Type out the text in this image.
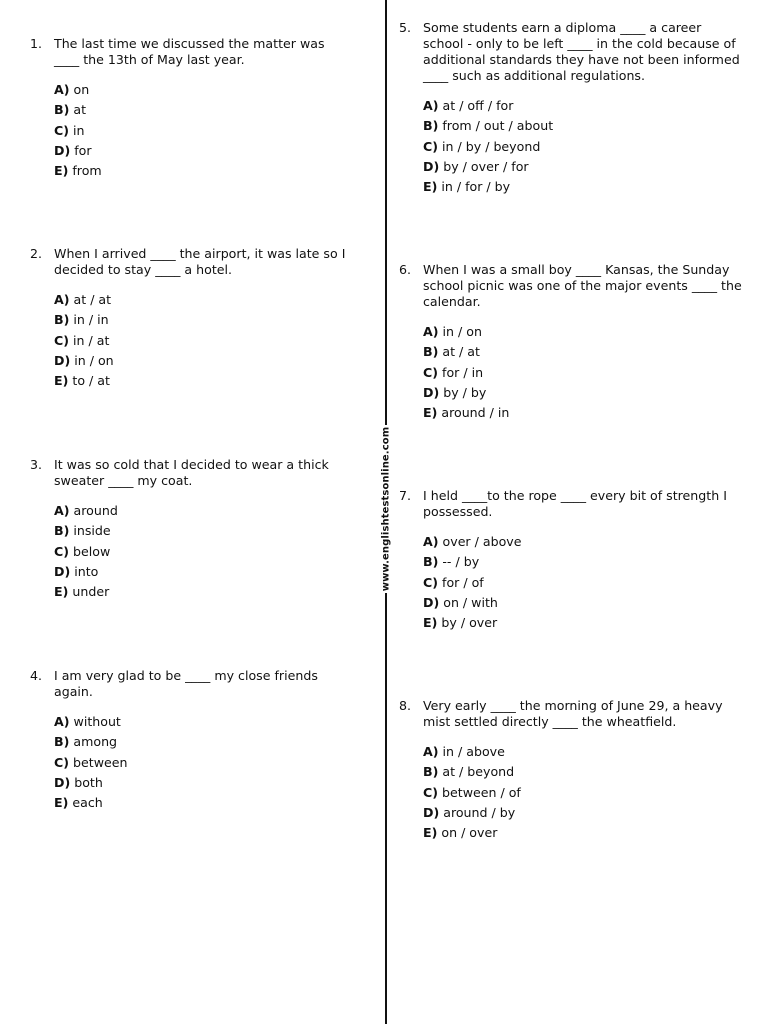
www.englishtestsonline.com
1. The last time we discussed the matter was ____ the 13th of May last year.

A) on
B) at
C) in
D) for
E) from
2. When I arrived ____ the airport, it was late so I decided to stay ____ a hotel.

A) at / at
B) in / in
C) in / at
D) in / on
E) to / at
3. It was so cold that I decided to wear a thick sweater ____ my coat.

A) around
B) inside
C) below
D) into
E) under
4. I am very glad to be ____ my close friends again.

A) without
B) among
C) between
D) both
E) each
5. Some students earn a diploma ____ a career school - only to be left ____ in the cold because of additional standards they have not been informed ____ such as additional regulations.

A) at / off / for
B) from / out / about
C) in / by / beyond
D) by / over / for
E) in / for / by
6. When I was a small boy ____ Kansas, the Sunday school picnic was one of the major events ____ the calendar.

A) in / on
B) at / at
C) for / in
D) by / by
E) around / in
7. I held ____to the rope ____ every bit of strength I possessed.

A) over / above
B) -- / by
C) for / of
D) on / with
E) by / over
8. Very early ____ the morning of June 29, a heavy mist settled directly ____ the wheatfield.

A) in / above
B) at / beyond
C) between / of
D) around / by
E) on / over
